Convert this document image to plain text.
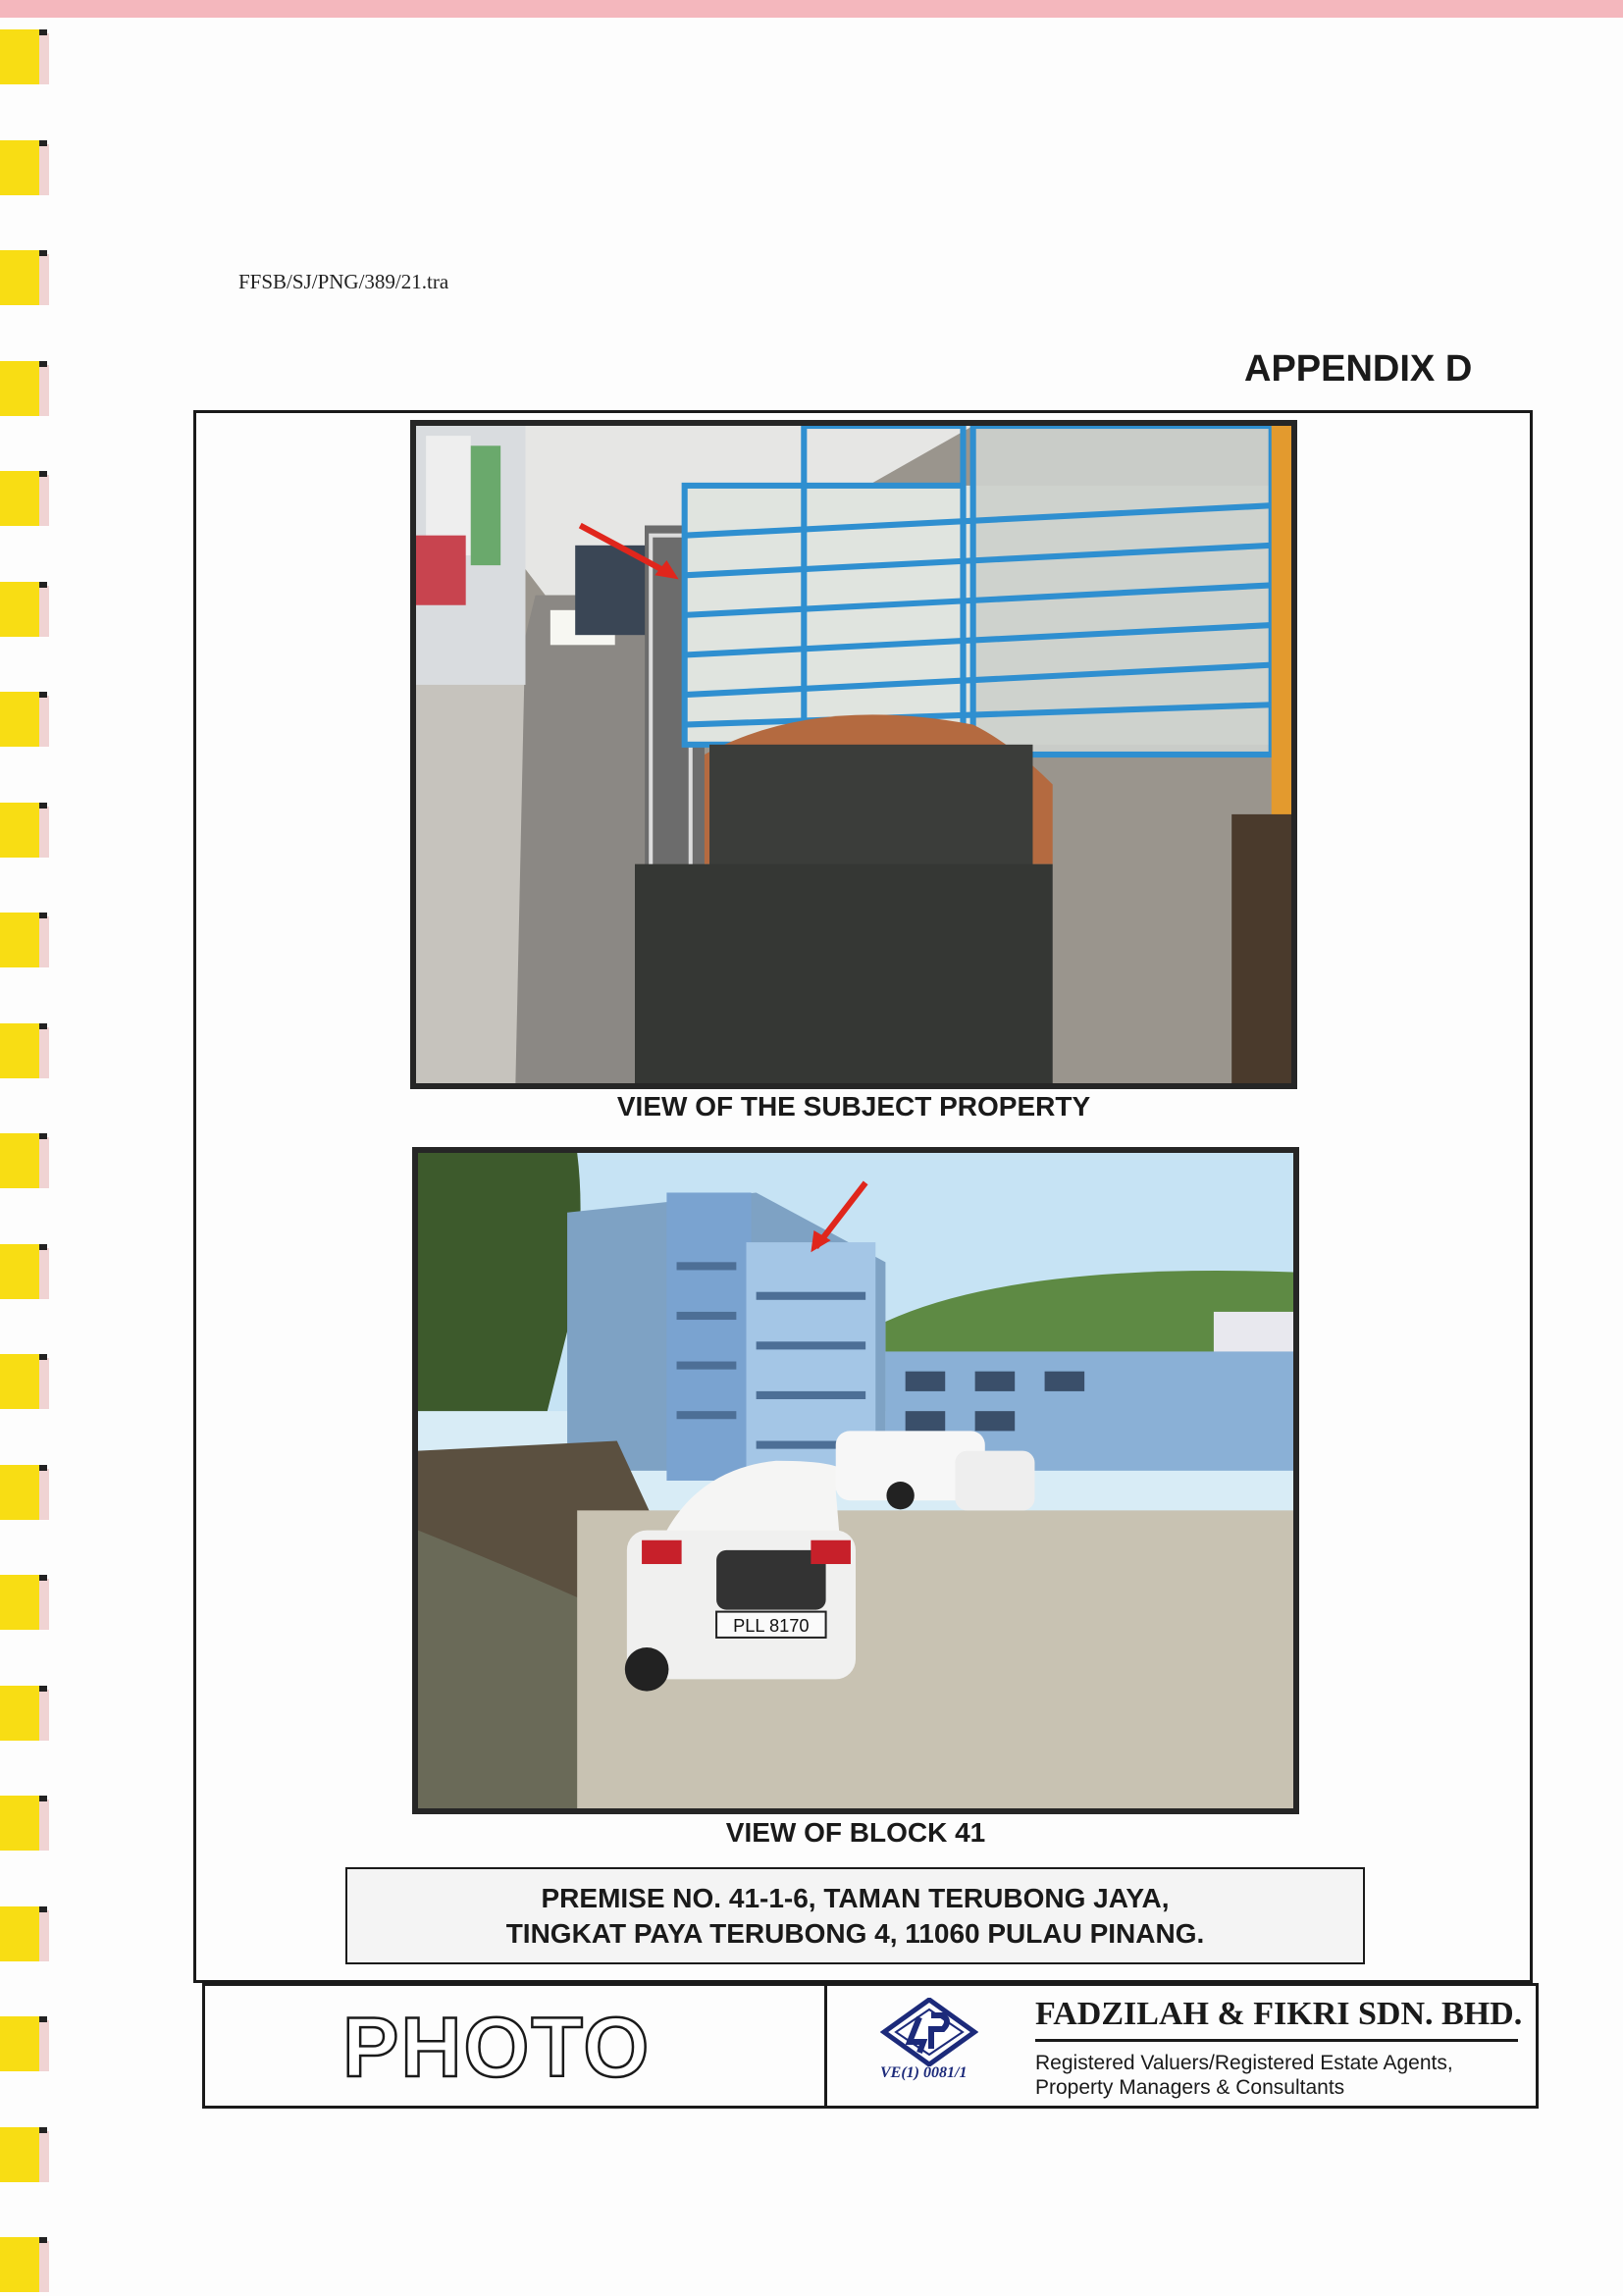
FFSB/SJ/PNG/389/21.tra
APPENDIX D
VIEW OF THE SUBJECT PROPERTY
PLL 8170
VIEW OF BLOCK 41
PREMISE NO. 41-1-6, TAMAN TERUBONG JAYA,
TINGKAT PAYA TERUBONG 4, 11060 PULAU PINANG.
PHOTO	VE(1) 0081/1
FADZILAH & FIKRI SDN. BHD.
Registered Valuers/Registered Estate Agents,
Property Managers & Consultants
